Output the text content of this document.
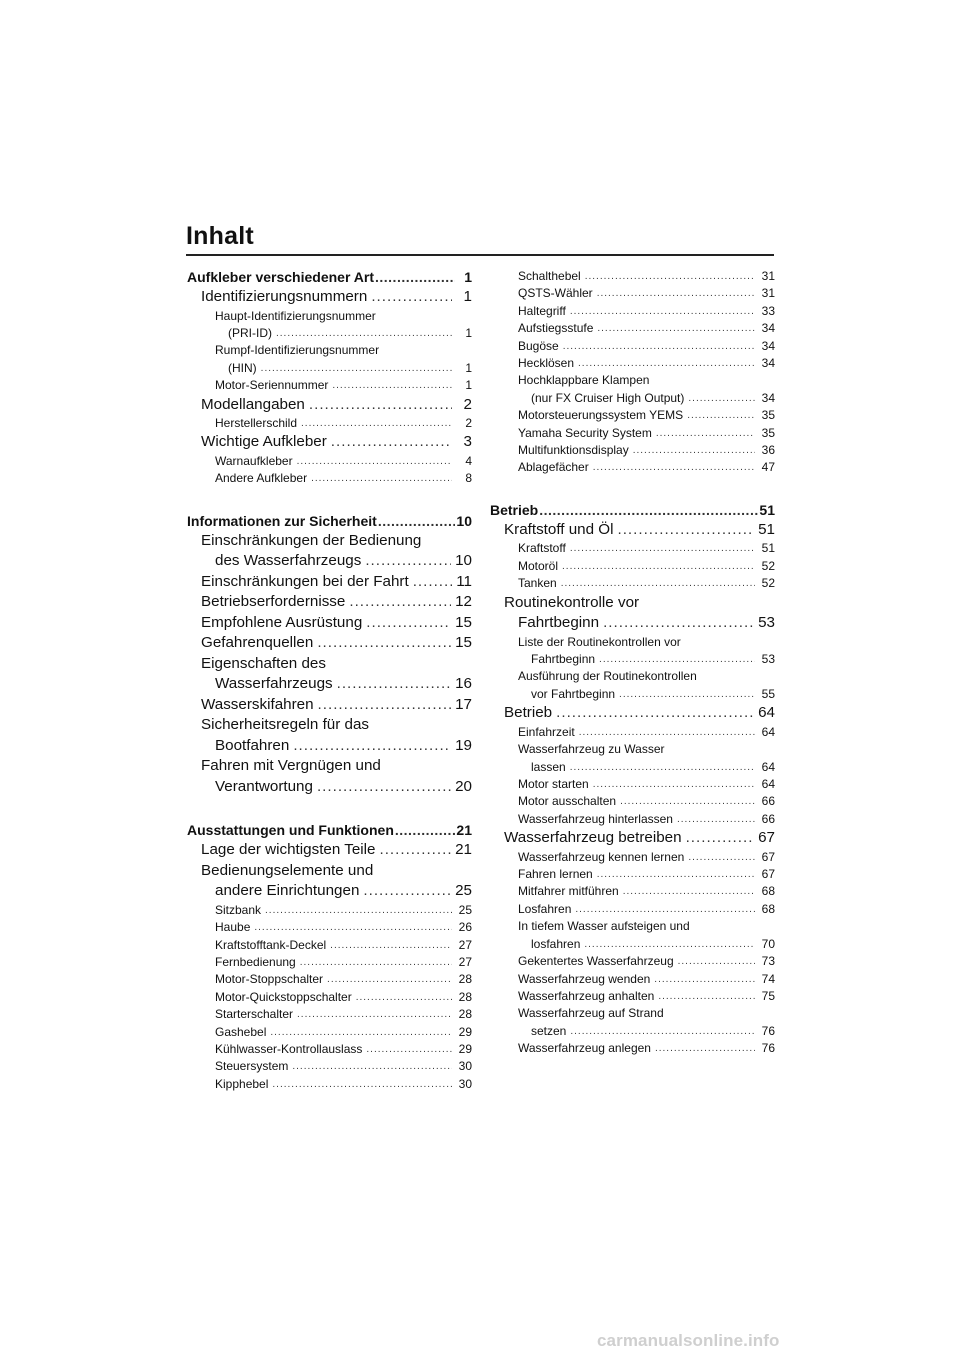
Inhalt
Aufkleber verschiedener Art .....	1
Identifizierungsnummern .....	1
Haupt-Identifizierungsnummer
(PRI-ID) .....	1
Rumpf-Identifizierungsnummer
(HIN) .....	1
Motor-Seriennummer .....	1
Modellangaben .....	2
Herstellerschild .....	2
Wichtige Aufkleber .....	3
Warnaufkleber .....	4
Andere Aufkleber .....	8
Informationen zur Sicherheit .....	10
Einschränkungen der Bedienung
des Wasserfahrzeugs .....	10
Einschränkungen bei der Fahrt .....	11
Betriebserfordernisse .....	12
Empfohlene Ausrüstung .....	15
Gefahrenquellen .....	15
Eigenschaften des
Wasserfahrzeugs .....	16
Wasserskifahren .....	17
Sicherheitsregeln für das
Bootfahren .....	19
Fahren mit Vergnügen und
Verantwortung .....	20
Ausstattungen und Funktionen .....	21
Lage der wichtigsten Teile .....	21
Bedienungselemente und
andere Einrichtungen .....	25
Sitzbank .....	25
Haube .....	26
Kraftstofftank-Deckel .....	27
Fernbedienung .....	27
Motor-Stoppschalter .....	28
Motor-Quickstoppschalter .....	28
Starterschalter .....	28
Gashebel .....	29
Kühlwasser-Kontrollauslass .....	29
Steuersystem .....	30
Kipphebel .....	30
Schalthebel .....	31
QSTS-Wähler .....	31
Haltegriff .....	33
Aufstiegsstufe .....	34
Bugöse .....	34
Hecklösen .....	34
Hochklappbare Klampen
(nur FX Cruiser High Output) .....	34
Motorsteuerungssystem YEMS .....	35
Yamaha Security System .....	35
Multifunktionsdisplay .....	36
Ablagefächer .....	47
Betrieb .....	51
Kraftstoff und Öl .....	51
Kraftstoff .....	51
Motoröl .....	52
Tanken .....	52
Routinekontrolle vor
Fahrtbeginn .....	53
Liste der Routinekontrollen vor
Fahrtbeginn .....	53
Ausführung der Routinekontrollen
vor Fahrtbeginn .....	55
Betrieb .....	64
Einfahrzeit .....	64
Wasserfahrzeug zu Wasser
lassen .....	64
Motor starten .....	64
Motor ausschalten .....	66
Wasserfahrzeug hinterlassen .....	66
Wasserfahrzeug betreiben .....	67
Wasserfahrzeug kennen lernen .....	67
Fahren lernen .....	67
Mitfahrer mitführen .....	68
Losfahren .....	68
In tiefem Wasser aufsteigen und
losfahren .....	70
Gekentertes Wasserfahrzeug .....	73
Wasserfahrzeug wenden .....	74
Wasserfahrzeug anhalten .....	75
Wasserfahrzeug auf Strand
setzen .....	76
Wasserfahrzeug anlegen .....	76
carmanualsonline.info
